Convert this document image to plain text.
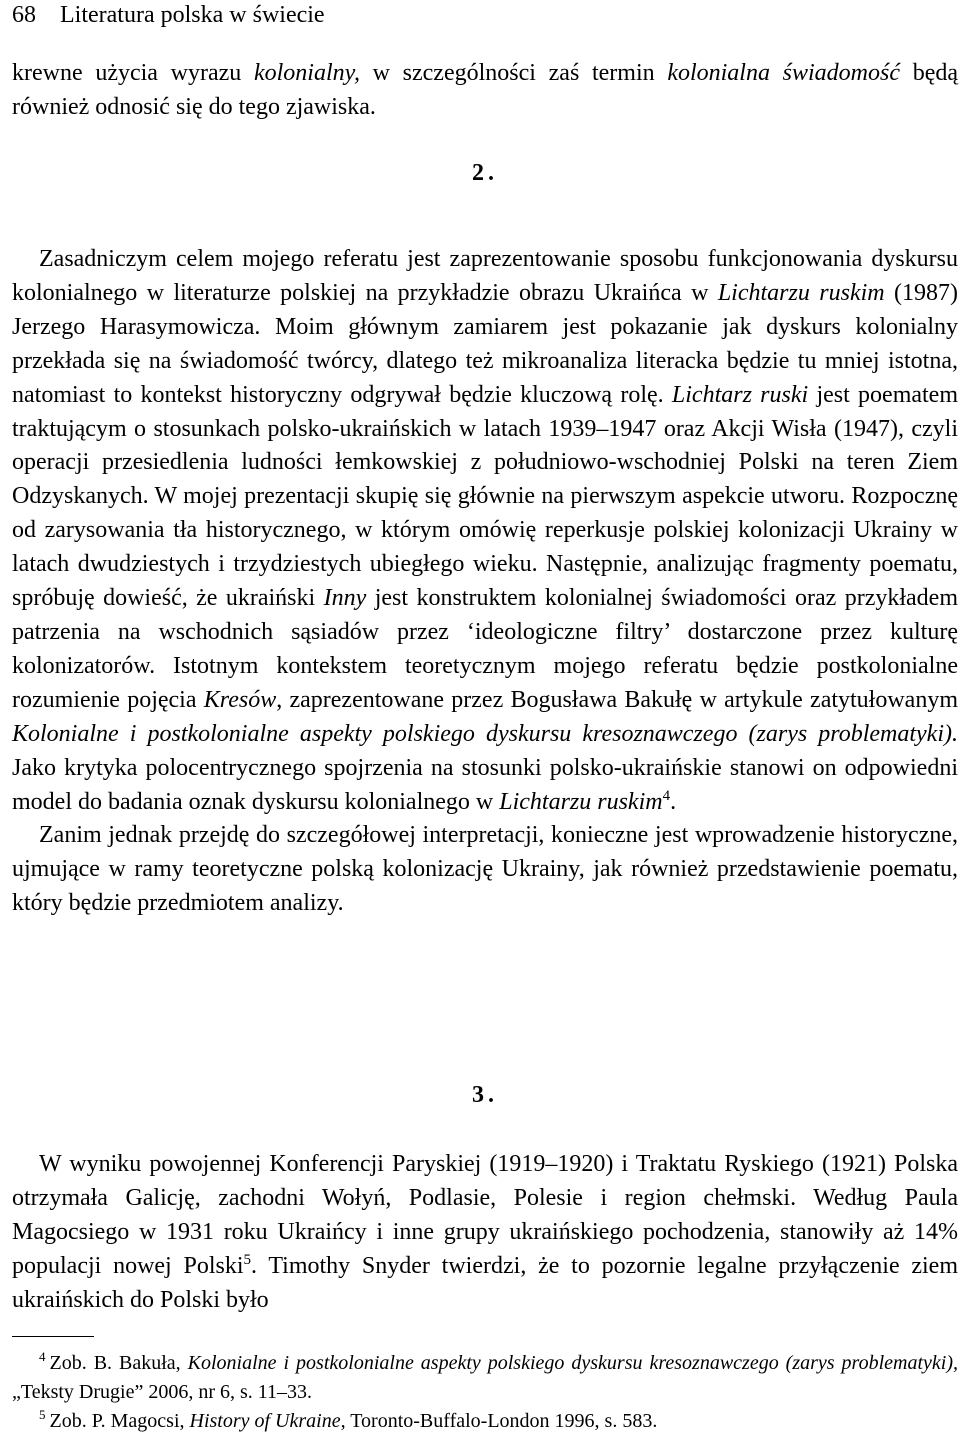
68 Literatura polska w świecie

krewne użycia wyrazu kolonialny, w szczególności zaś termin kolonialna świadomość będą również odnosić się do tego zjawiska.

2.

Zasadniczym celem mojego referatu jest zaprezentowanie sposobu funkcjonowania dyskursu kolonialnego w literaturze polskiej na przykładzie obrazu Ukraińca w Lichtarzu ruskim (1987) Jerzego Harasymowicza. Moim głównym zamiarem jest pokazanie jak dyskurs kolonialny przekłada się na świadomość twórcy, dlatego też mikroanaliza literacka będzie tu mniej istotna, natomiast to kontekst historyczny odgrywał będzie kluczową rolę. Lichtarz ruski jest poematem traktującym o stosunkach polsko-ukraińskich w latach 1939–1947 oraz Akcji Wisła (1947), czyli operacji przesiedlenia ludności łemkowskiej z południowo-wschodniej Polski na teren Ziem Odzyskanych. W mojej prezentacji skupię się głównie na pierwszym aspekcie utworu. Rozpocznę od zarysowania tła historycznego, w którym omówię reperkusje polskiej kolonizacji Ukrainy w latach dwudziestych i trzydziestych ubiegłego wieku. Następnie, analizując fragmenty poematu, spróbuję dowieść, że ukraiński Inny jest konstruktem kolonialnej świadomości oraz przykładem patrzenia na wschodnich sąsiadów przez ‘ideologiczne filtry’ dostarczone przez kulturę kolonizatorów. Istotnym kontekstem teoretycznym mojego referatu będzie postkolonialne rozumienie pojęcia Kresów, zaprezentowane przez Bogusława Bakułę w artykule zatytułowanym Kolonialne i postkolonialne aspekty polskiego dyskursu kresoznawczego (zarys problematyki). Jako krytyka polocentrycznego spojrzenia na stosunki polsko-ukraińskie stanowi on odpowiedni model do badania oznak dyskursu kolonialnego w Lichtarzu ruskim$^4$.

Zanim jednak przejdę do szczegółowej interpretacji, konieczne jest wprowadzenie historyczne, ujmujące w ramy teoretyczne polską kolonizację Ukrainy, jak również przedstawienie poematu, który będzie przedmiotem analizy.

3.

W wyniku powojennej Konferencji Paryskiej (1919–1920) i Traktatu Ryskiego (1921) Polska otrzymała Galicję, zachodni Wołyń, Podlasie, Polesie i region chełmski. Według Paula Magocsiego w 1931 roku Ukraińcy i inne grupy ukraińskiego pochodzenia, stanowiły aż 14% populacji nowej Polski$^5$. Timothy Snyder twierdzi, że to pozornie legalne przyłączenie ziem ukraińskich do Polski było

$^4$ Zob. B. Bakuła, Kolonialne i postkolonialne aspekty polskiego dyskursu kresoznawczego (zarys problematyki), „Teksty Drugie” 2006, nr 6, s. 11–33.

$^5$ Zob. P. Magocsi, History of Ukraine, Toronto-Buffalo-London 1996, s. 583.
